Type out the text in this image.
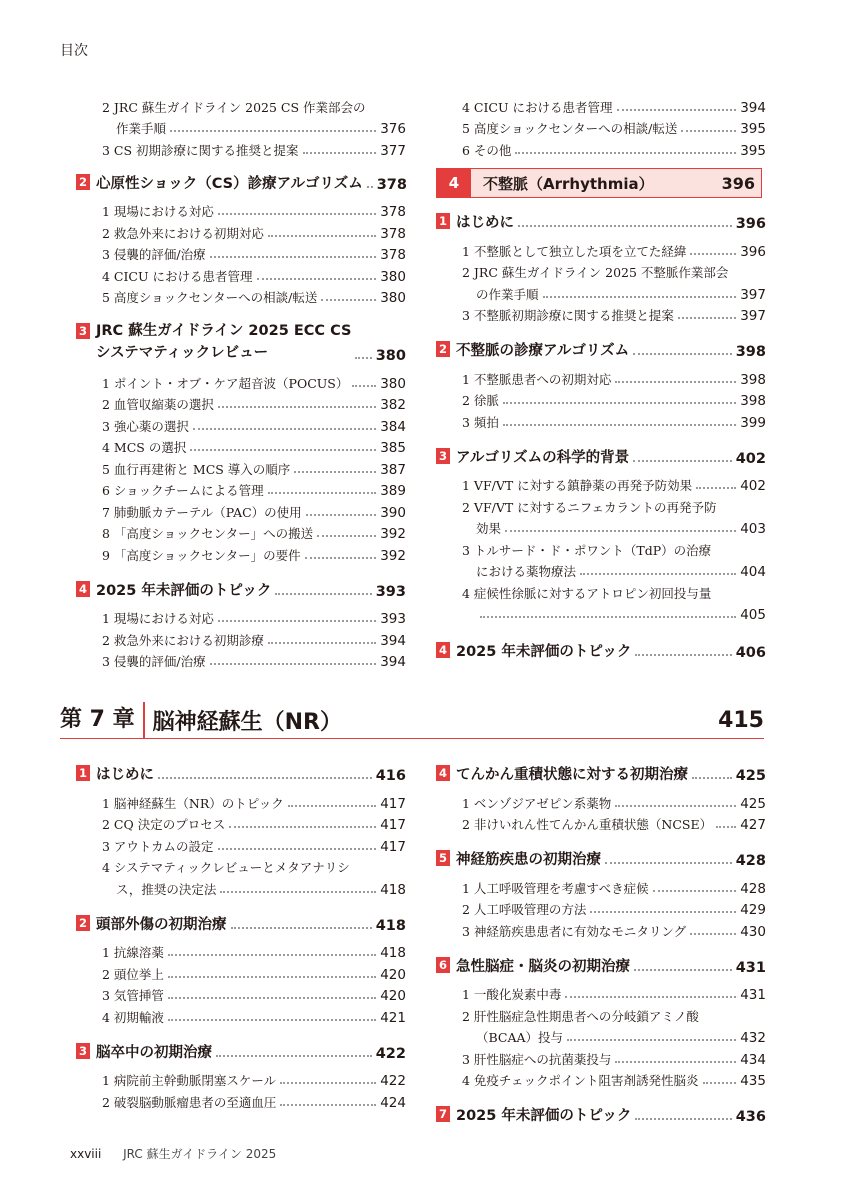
目次
2 JRC 蘇生ガイドライン 2025 CS 作業部会の
作業手順	376
3 CS 初期診療に関する推奨と提案	377
2 心原性ショック（CS）診療アルゴリズム 378
1 現場における対応	378
2 救急外来における初期対応	378
3 侵襲的評価/治療	378
4 CICU における患者管理	380
5 高度ショックセンターへの相談/転送	380
3 JRC 蘇生ガイドライン 2025 ECC CS
システマティックレビュー	380
1 ポイント・オブ・ケア超音波（POCUS） 380
2 血管収縮薬の選択	382
3 強心薬の選択	384
4 MCS の選択	385
5 血行再建術と MCS 導入の順序	387
6 ショックチームによる管理	389
7 肺動脈カテーテル（PAC）の使用	390
8 「高度ショックセンター」への搬送	392
9 「高度ショックセンター」の要件	392
4 2025 年未評価のトピック	393
1 現場における対応	393
2 救急外来における初期診療	394
3 侵襲的評価/治療	394
4 CICU における患者管理	394
5 高度ショックセンターへの相談/転送	395
6 その他	395
4	不整脈（Arrhythmia）	396
1 はじめに	396
1 不整脈として独立した項を立てた経緯	396
2 JRC 蘇生ガイドライン 2025 不整脈作業部会
の作業手順	397
3 不整脈初期診療に関する推奨と提案	397
2 不整脈の診療アルゴリズム	398
1 不整脈患者への初期対応	398
2 徐脈	398
3 頻拍	399
3 アルゴリズムの科学的背景	402
1 VF/VT に対する鎮静薬の再発予防効果	402
2 VF/VT に対するニフェカラントの再発予防
効果	403
3 トルサード・ド・ポワント（TdP）の治療
における薬物療法	404
4 症候性徐脈に対するアトロピン初回投与量
405
4 2025 年未評価のトピック	406
第 7 章 脳神経蘇生（NR）	415
1 はじめに	416
1 脳神経蘇生（NR）のトピック	417
2 CQ 決定のプロセス	417
3 アウトカムの設定	417
4 システマティックレビューとメタアナリシ
ス，推奨の決定法	418
2 頭部外傷の初期治療	418
1 抗線溶薬	418
2 頭位挙上	420
3 気管挿管	420
4 初期輸液	421
3 脳卒中の初期治療	422
1 病院前主幹動脈閉塞スケール	422
2 破裂脳動脈瘤患者の至適血圧	424
4 てんかん重積状態に対する初期治療	425
1 ベンゾジアゼピン系薬物	425
2 非けいれん性てんかん重積状態（NCSE） 427
5 神経筋疾患の初期治療	428
1 人工呼吸管理を考慮すべき症候	428
2 人工呼吸管理の方法	429
3 神経筋疾患患者に有効なモニタリング	430
6 急性脳症・脳炎の初期治療	431
1 一酸化炭素中毒	431
2 肝性脳症急性期患者への分岐鎖アミノ酸
（BCAA）投与	432
3 肝性脳症への抗菌薬投与	434
4 免疫チェックポイント阻害剤誘発性脳炎	435
7 2025 年未評価のトピック	436
xxviii JRC 蘇生ガイドライン 2025
